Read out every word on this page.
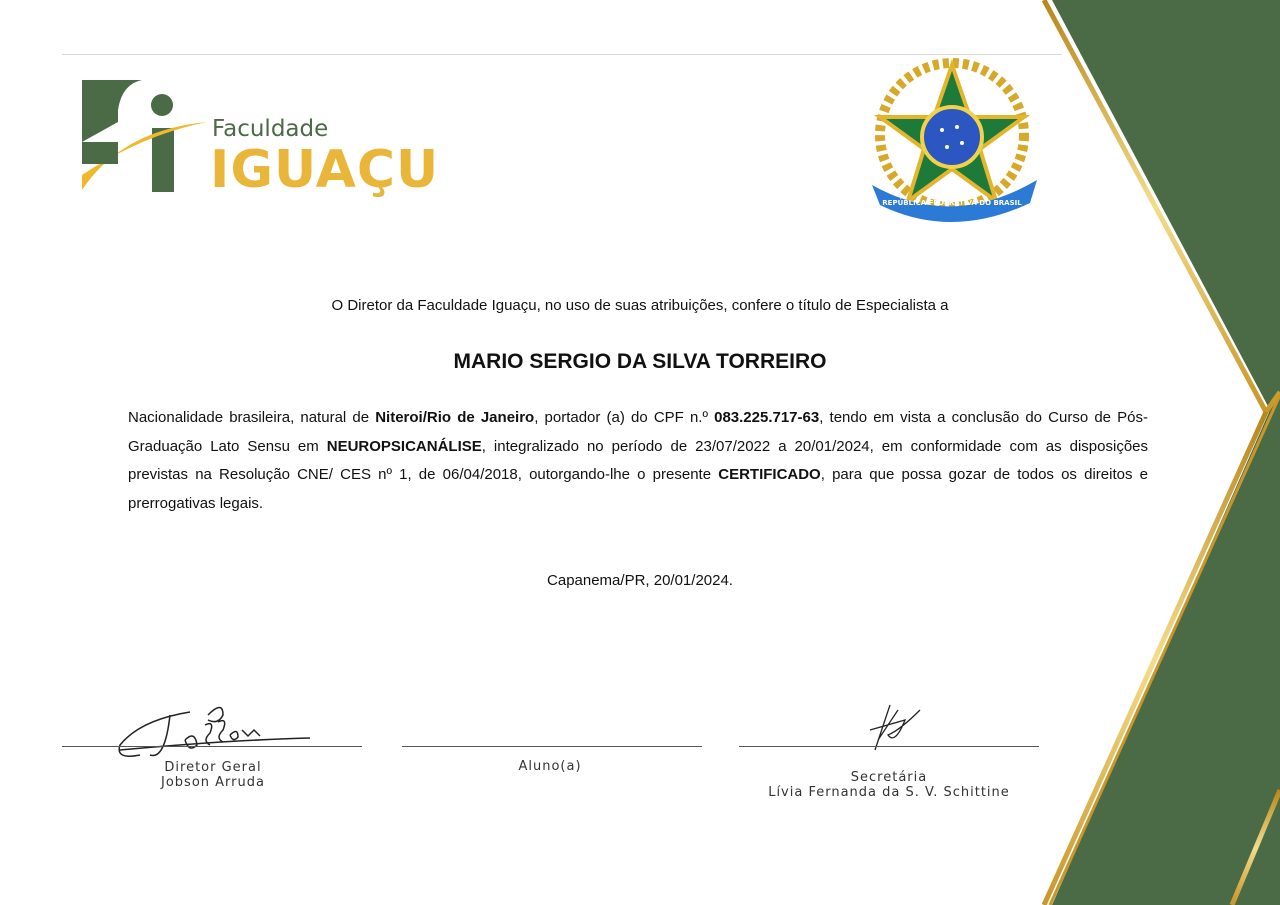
Faculdade
IGUAÇU
REPÚBLICA FEDERATIVA DO BRASIL
O Diretor da Faculdade Iguaçu, no uso de suas atribuições, confere o título de Especialista a
MARIO SERGIO DA SILVA TORREIRO
Nacionalidade brasileira, natural de Niteroi/Rio de Janeiro, portador (a) do CPF n.º 083.225.717-63, tendo em vista a conclusão do Curso de Pós-Graduação Lato Sensu em NEUROPSICANÁLISE, integralizado no período de 23/07/2022 a 20/01/2024, em conformidade com as disposições previstas na Resolução CNE/ CES nº 1, de 06/04/2018, outorgando-lhe o presente CERTIFICADO, para que possa gozar de todos os direitos e prerrogativas legais.
Capanema/PR, 20/01/2024.
Diretor Geral
Jobson Arruda
Aluno(a)
Secretária
Lívia Fernanda da S. V. Schittine
